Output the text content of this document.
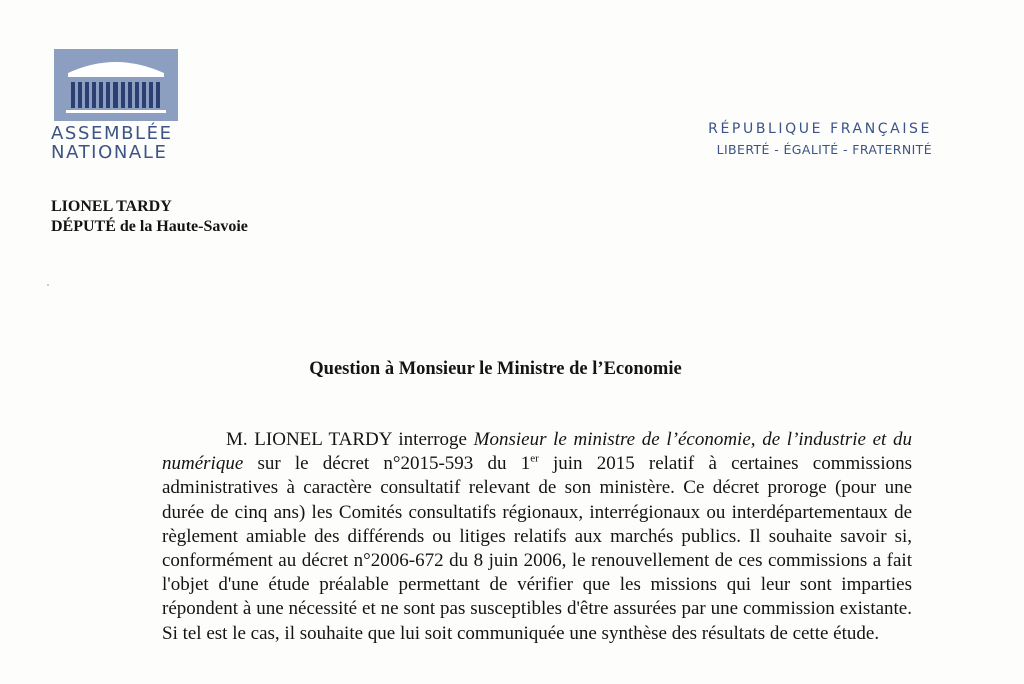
ASSEMBLÉE
NATIONALE
RÉPUBLIQUE FRANÇAISE
LIBERTÉ - ÉGALITÉ - FRATERNITÉ
LIONEL TARDY
DÉPUTÉ de la Haute-Savoie
Question à Monsieur le Ministre de l’Economie

M. LIONEL TARDY interroge Monsieur le ministre de l’économie, de l’industrie et du numérique sur le décret n°2015-593 du 1er juin 2015 relatif à certaines commissions administratives à caractère consultatif relevant de son ministère. Ce décret proroge (pour une durée de cinq ans) les Comités consultatifs régionaux, interrégionaux ou interdépartementaux de règlement amiable des différends ou litiges relatifs aux marchés publics. Il souhaite savoir si, conformément au décret n°2006-672 du 8 juin 2006, le renouvellement de ces commissions a fait l'objet d'une étude préalable permettant de vérifier que les missions qui leur sont imparties répondent à une nécessité et ne sont pas susceptibles d'être assurées par une commission existante. Si tel est le cas, il souhaite que lui soit communiquée une synthèse des résultats de cette étude.
